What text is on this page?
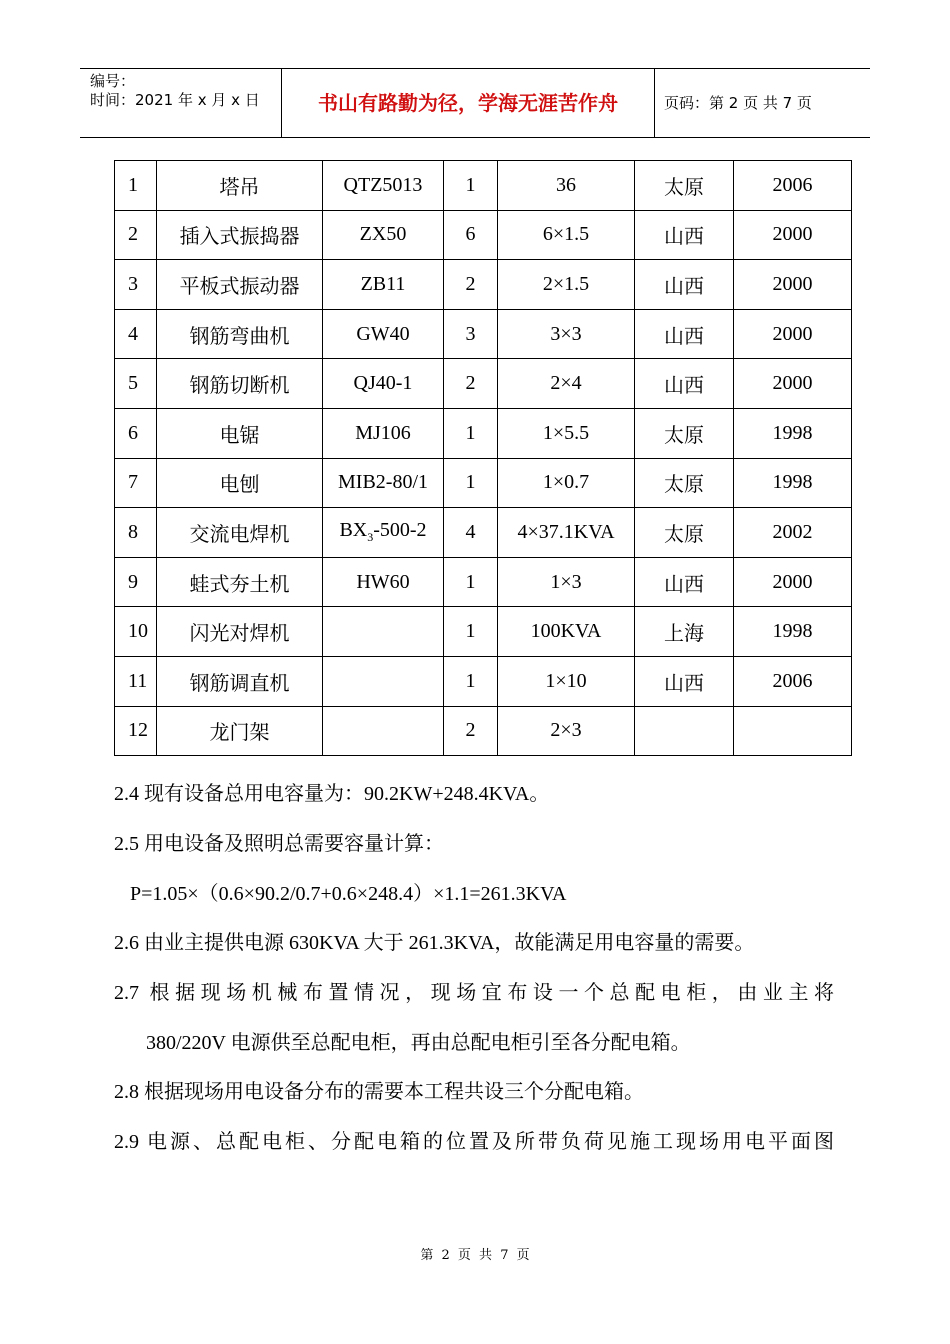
编号：
时间：2021 年 x 月 x 日	书山有路勤为径，学海无涯苦作舟	页码：第 2 页 共 7 页
1	塔吊	QTZ5013	1	36	太原	2006
2	插入式振捣器	ZX50	6	6×1.5	山西	2000
3	平板式振动器	ZB11	2	2×1.5	山西	2000
4	钢筋弯曲机	GW40	3	3×3	山西	2000
5	钢筋切断机	QJ40-1	2	2×4	山西	2000
6	电锯	MJ106	1	1×5.5	太原	1998
7	电刨	MIB2-80/1	1	1×0.7	太原	1998
8	交流电焊机	$BX_3-500-2$	4	4×37.1KVA	太原	2002
9	蛙式夯土机	HW60	1	1×3	山西	2000
10	闪光对焊机		1	100KVA	上海	1998
11	钢筋调直机		1	1×10	山西	2006
12	龙门架		2	2×3		
2.4 现有设备总用电容量为：90.2KW+248.4KVA。
2.5 用电设备及照明总需要容量计算：
P=1.05×（0.6×90.2/0.7+0.6×248.4）×1.1=261.3KVA
2.6 由业主提供电源 630KVA 大于 261.3KVA，故能满足用电容量的需要。
2.7 根据现场机械布置情况，现场宜布设一个总配电柜，由业主将
380/220V 电源供至总配电柜，再由总配电柜引至各分配电箱。
2.8 根据现场用电设备分布的需要本工程共设三个分配电箱。
2.9 电源、总配电柜、分配电箱的位置及所带负荷见施工现场用电平面图
第 2 页 共 7 页
